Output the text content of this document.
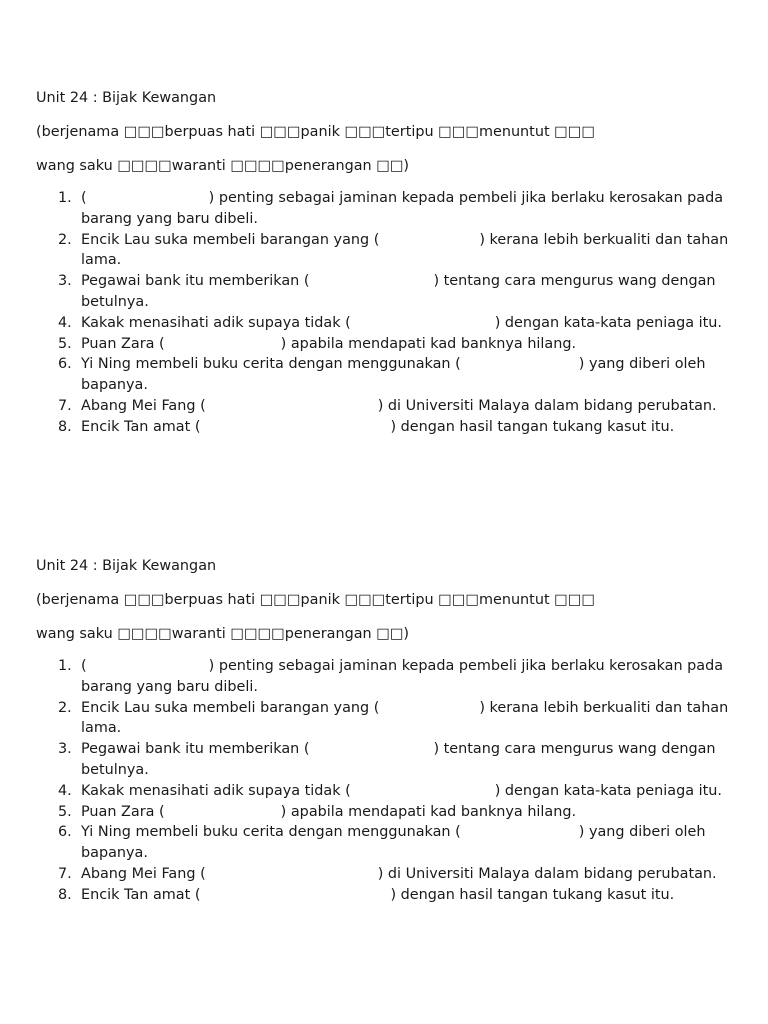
Unit 24 : Bijak Kewangan

(berjenama □□□berpuas hati □□□panik □□□tertipu □□□menuntut □□□

wang saku □□□□waranti □□□□penerangan □□)

1. (	) penting sebagai jaminan kepada pembeli jika berlaku kerosakan pada barang yang baru dibeli.
2. Encik Lau suka membeli barangan yang (	) kerana lebih berkualiti dan tahan lama.
3. Pegawai bank itu memberikan (	) tentang cara mengurus wang dengan betulnya.
4. Kakak menasihati adik supaya tidak (	) dengan kata-kata peniaga itu.
5. Puan Zara (	) apabila mendapati kad banknya hilang.
6. Yi Ning membeli buku cerita dengan menggunakan (	) yang diberi oleh bapanya.
7. Abang Mei Fang (	) di Universiti Malaya dalam bidang perubatan.
8. Encik Tan amat (	) dengan hasil tangan tukang kasut itu.

Unit 24 : Bijak Kewangan

(berjenama □□□berpuas hati □□□panik □□□tertipu □□□menuntut □□□

wang saku □□□□waranti □□□□penerangan □□)

1. (	) penting sebagai jaminan kepada pembeli jika berlaku kerosakan pada barang yang baru dibeli.
2. Encik Lau suka membeli barangan yang (	) kerana lebih berkualiti dan tahan lama.
3. Pegawai bank itu memberikan (	) tentang cara mengurus wang dengan betulnya.
4. Kakak menasihati adik supaya tidak (	) dengan kata-kata peniaga itu.
5. Puan Zara (	) apabila mendapati kad banknya hilang.
6. Yi Ning membeli buku cerita dengan menggunakan (	) yang diberi oleh bapanya.
7. Abang Mei Fang (	) di Universiti Malaya dalam bidang perubatan.
8. Encik Tan amat (	) dengan hasil tangan tukang kasut itu.
